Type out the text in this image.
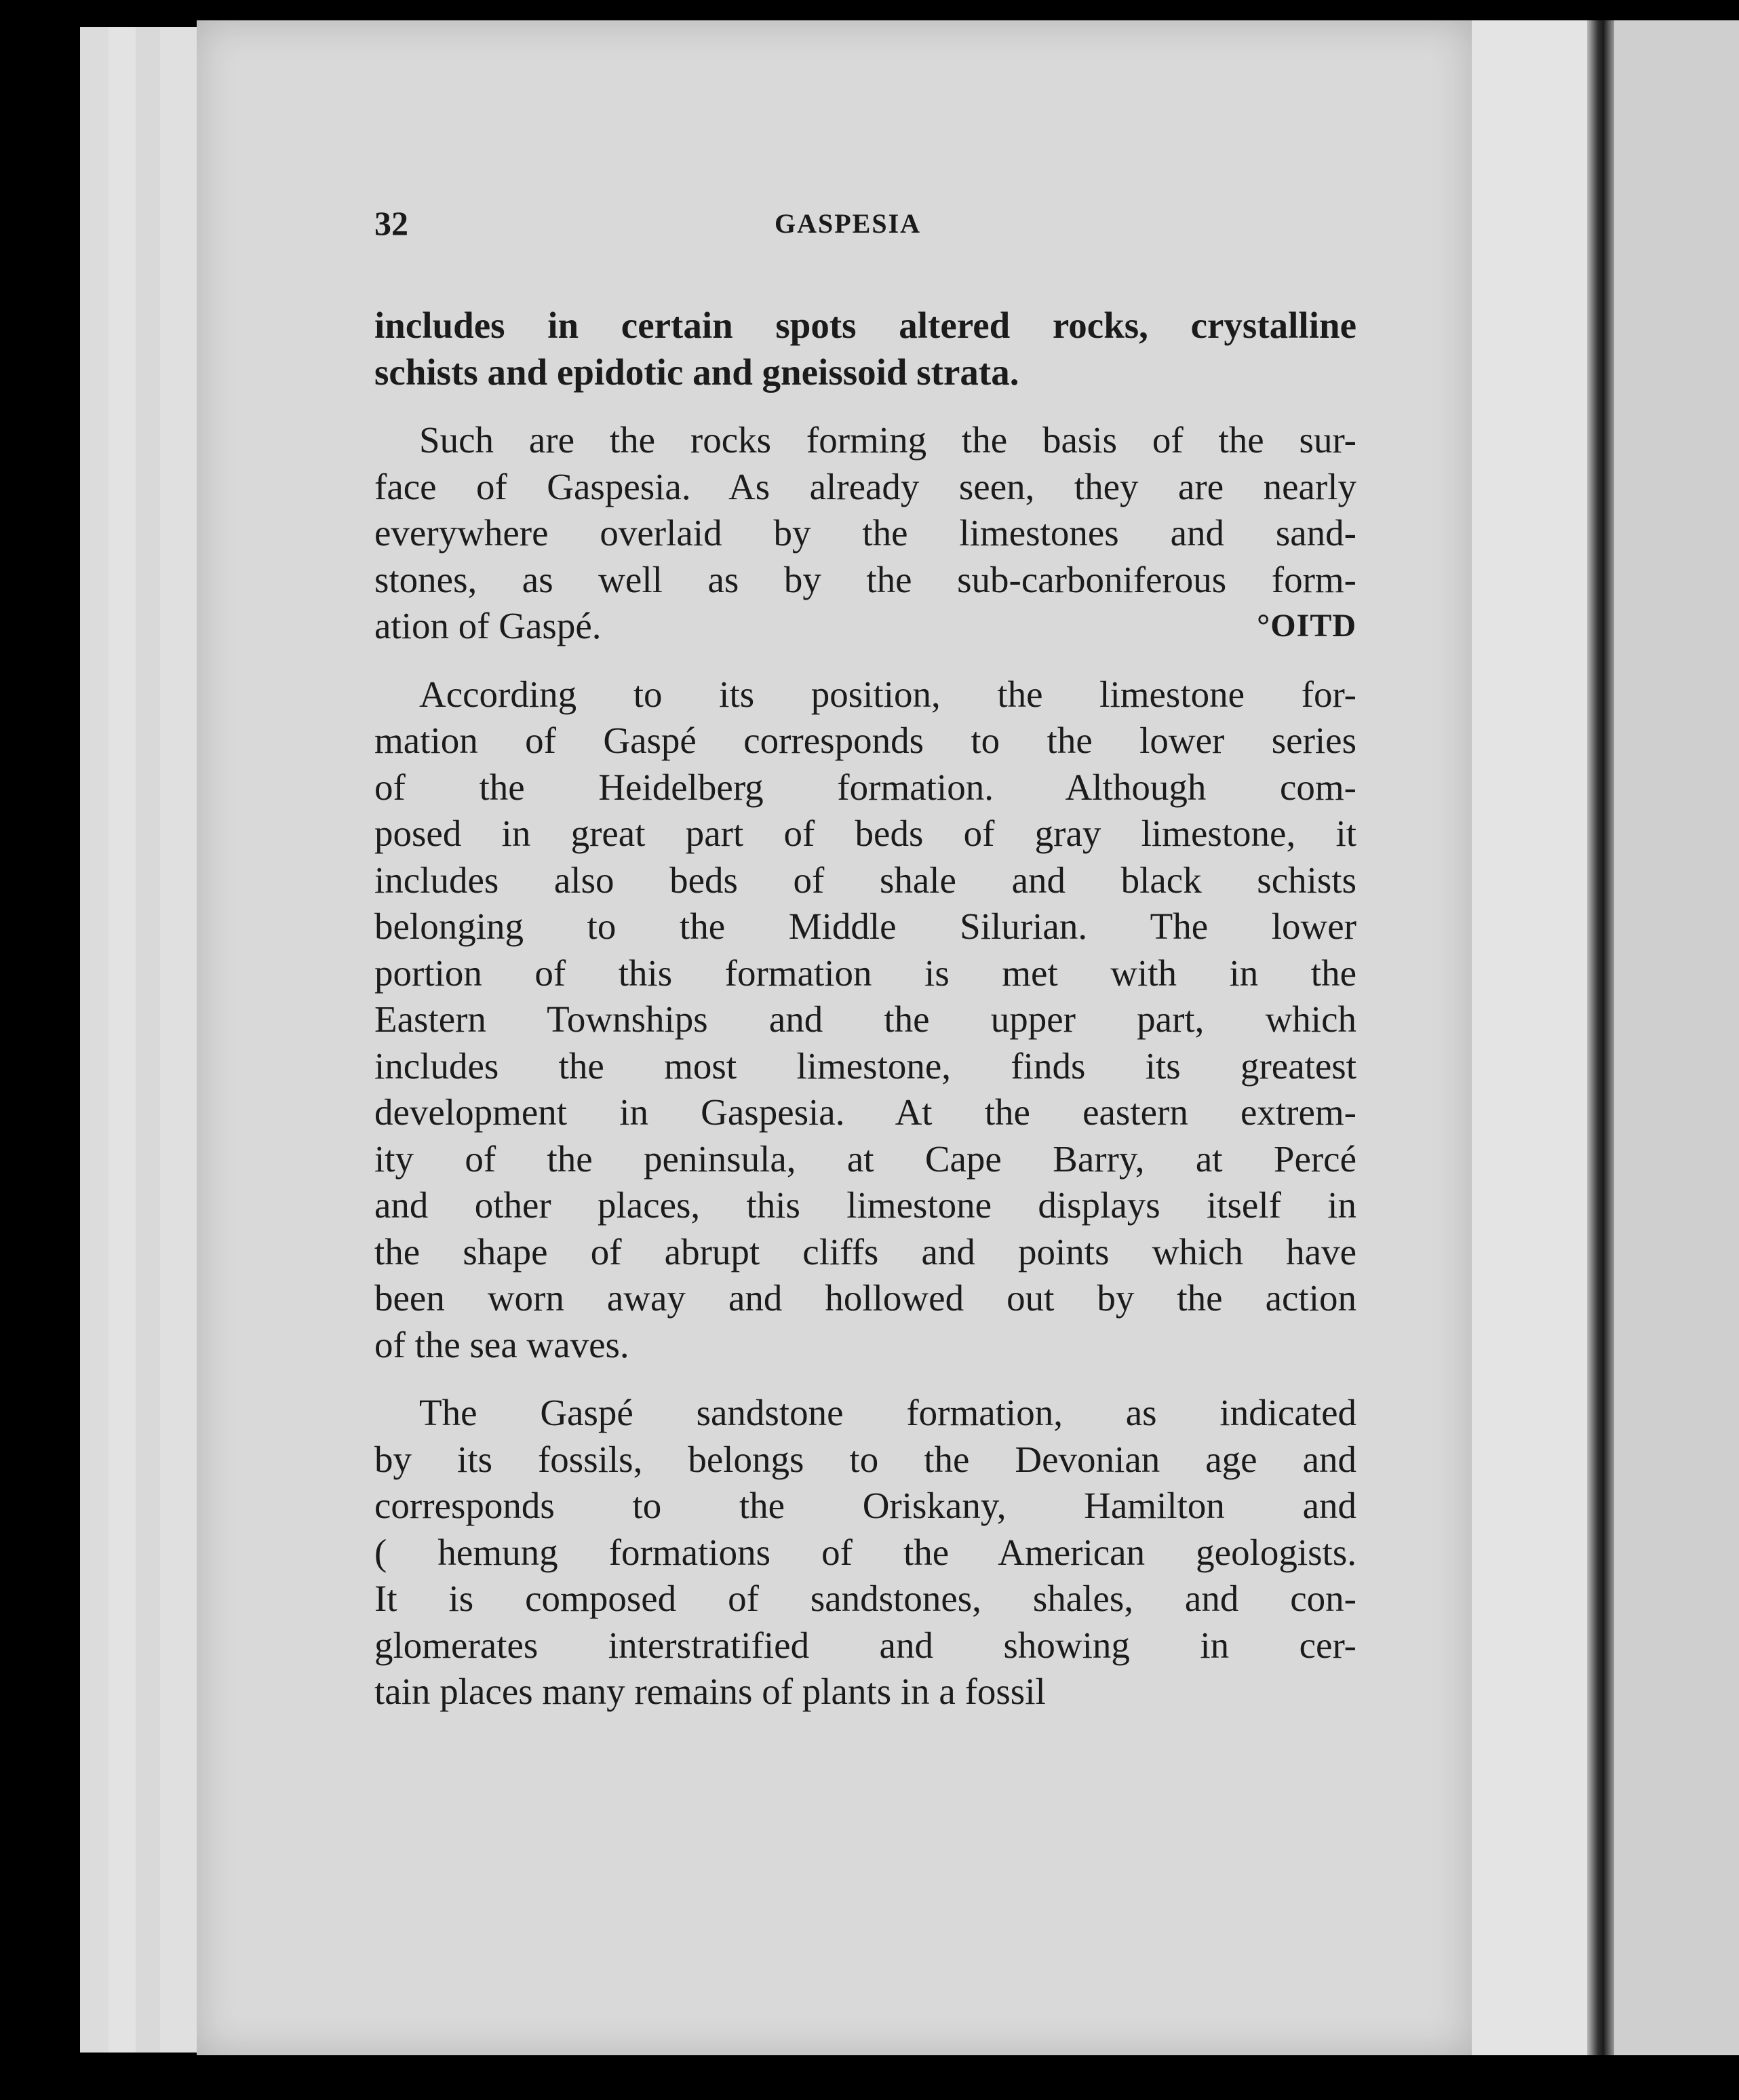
32	GASPESIA
includes in certain spots altered rocks, crystalline
schists and epidotic and gneissoid strata.
Such are the rocks forming the basis of the sur-
face of Gaspesia. As already seen, they are nearly
everywhere overlaid by the limestones and sand-
stones, as well as by the sub-carboniferous form-
°OITD
ation of Gaspé.
According to its position, the limestone for-
mation of Gaspé corresponds to the lower series
of the Heidelberg formation. Although com-
posed in great part of beds of gray limestone, it
includes also beds of shale and black schists
belonging to the Middle Silurian. The lower
portion of this formation is met with in the
Eastern Townships and the upper part, which
includes the most limestone, finds its greatest
development in Gaspesia. At the eastern extrem-
ity of the peninsula, at Cape Barry, at Percé
and other places, this limestone displays itself in
the shape of abrupt cliffs and points which have
been worn away and hollowed out by the action
of the sea waves.
The Gaspé sandstone formation, as indicated
by its fossils, belongs to the Devonian age and
corresponds to the Oriskany, Hamilton and
( hemung formations of the American geologists.
It is composed of sandstones, shales, and con-
glomerates interstratified and showing in cer-
tain places many remains of plants in a fossil
